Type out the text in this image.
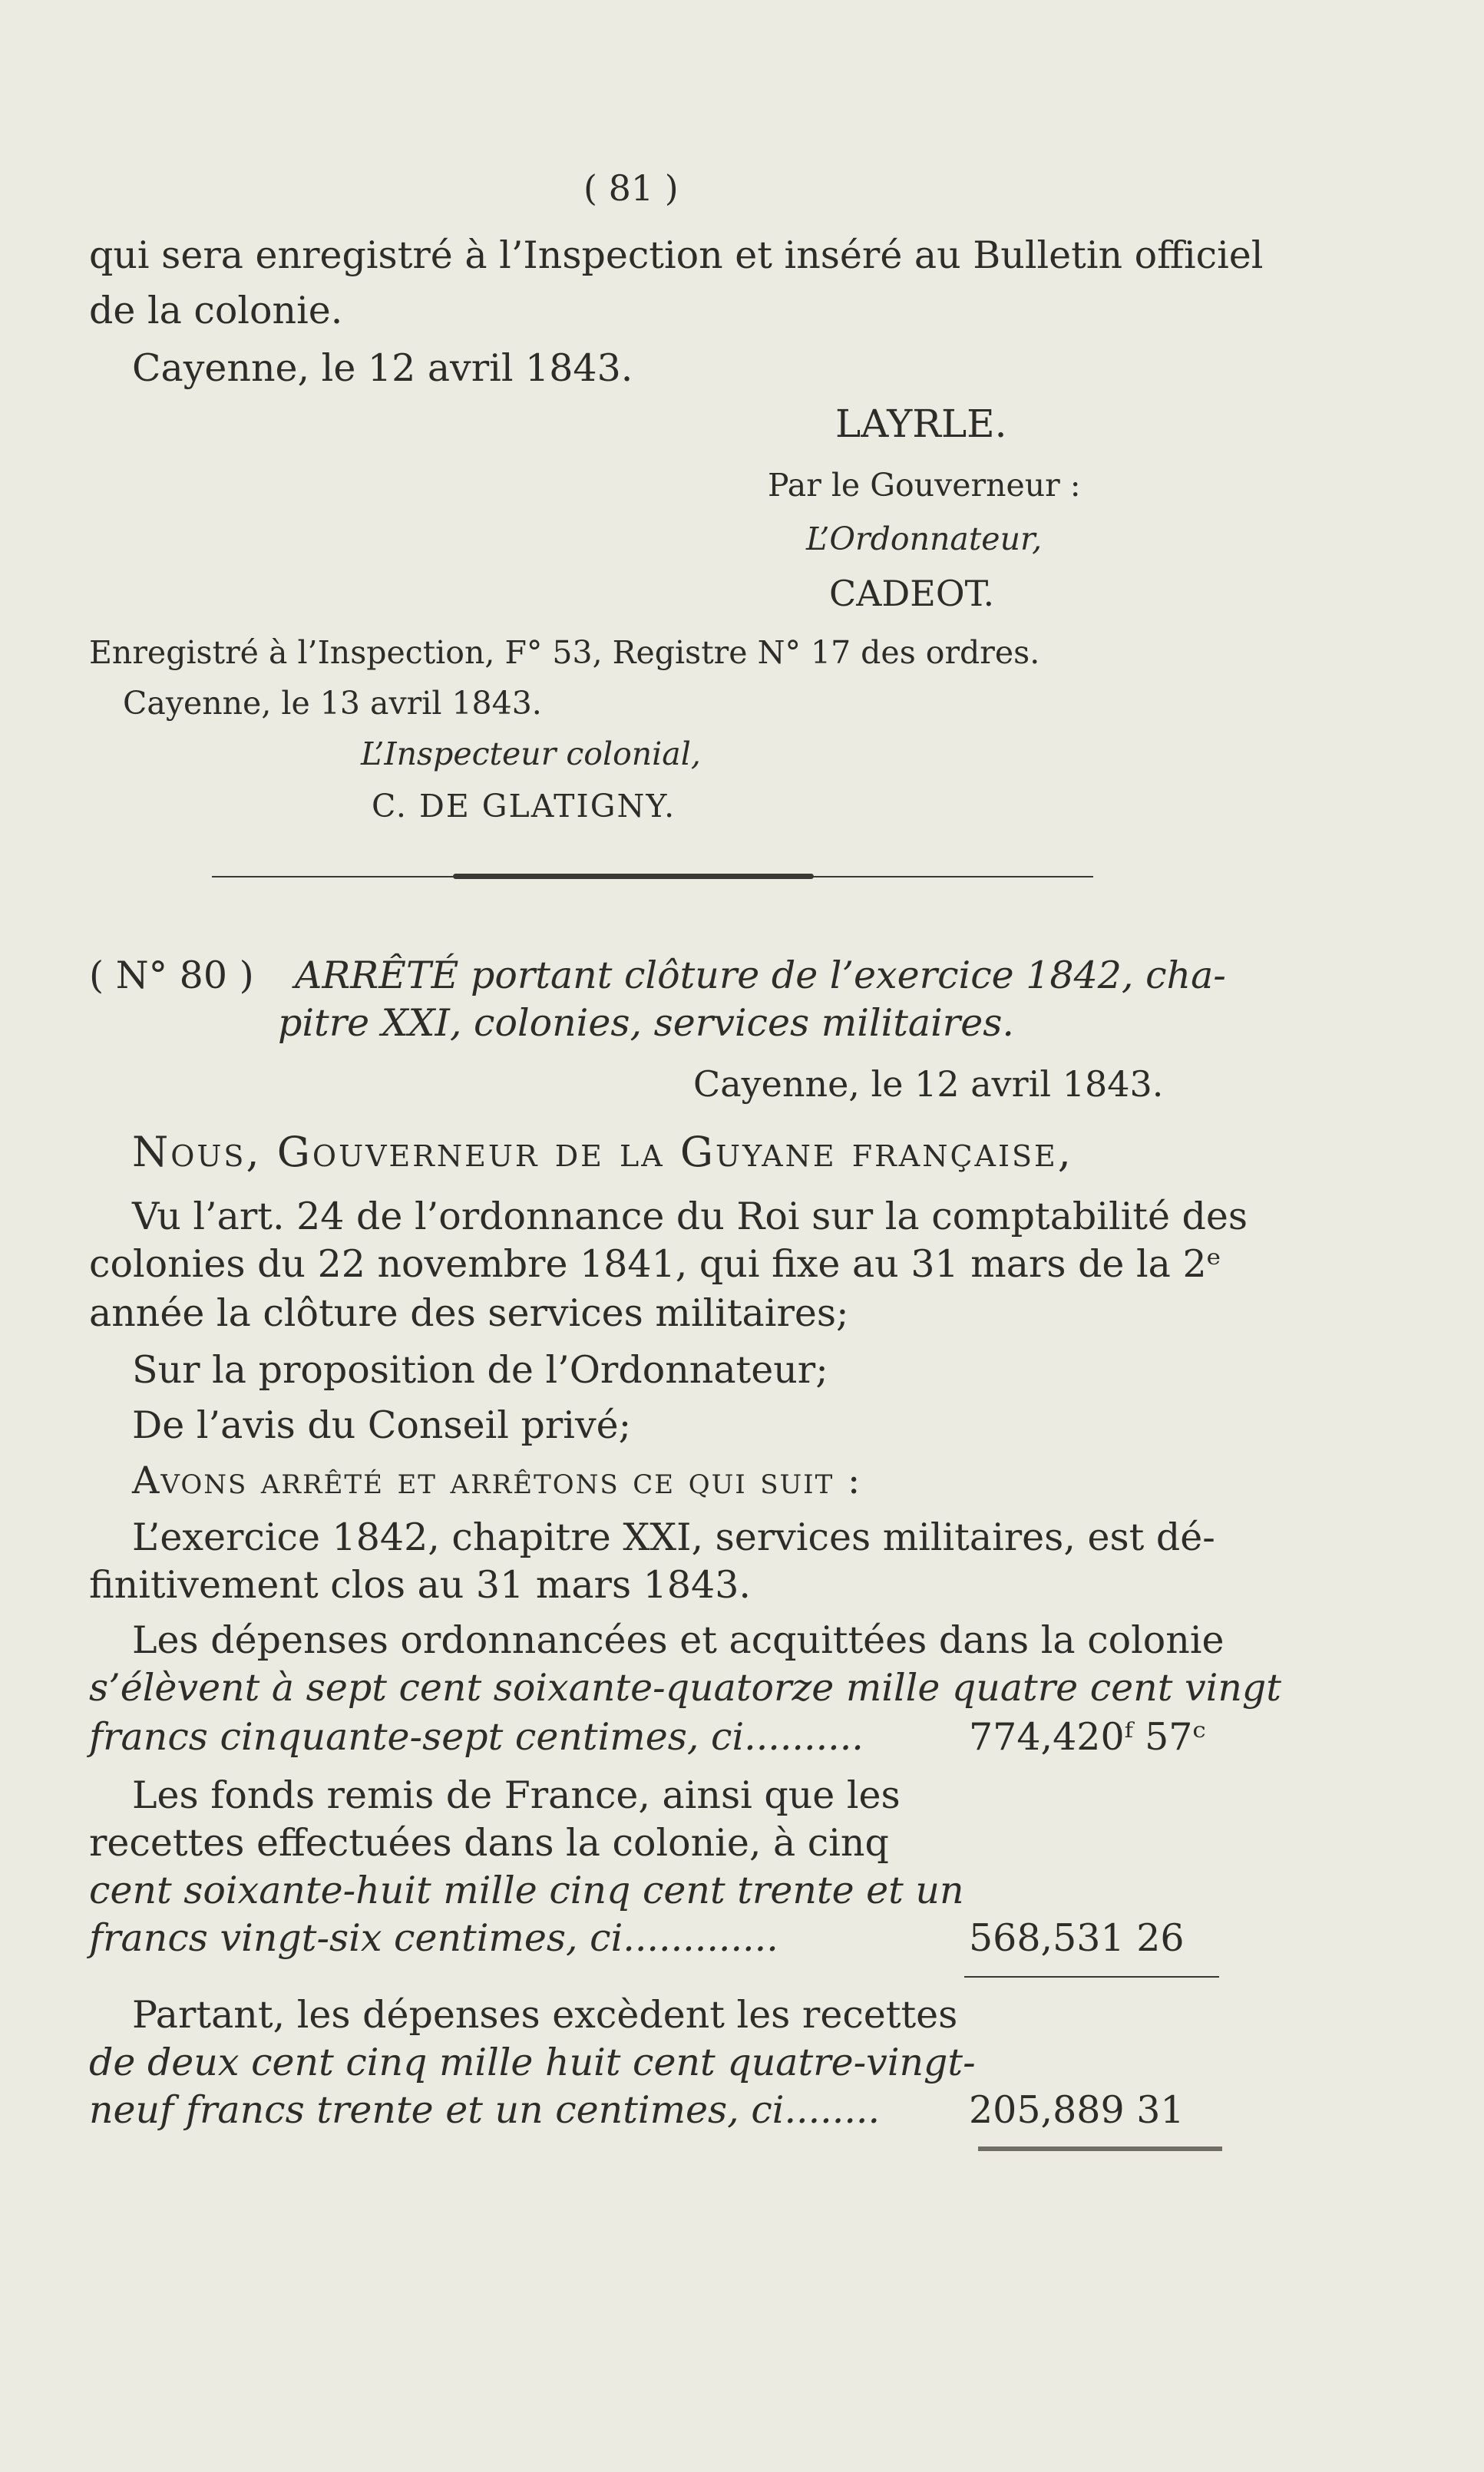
( 81 )
qui sera enregistré à l’Inspection et inséré au Bulletin officiel
de la colonie.
Cayenne, le 12 avril 1843.
LAYRLE.
Par le Gouverneur :
L’Ordonnateur,
CADEOT.
Enregistré à l’Inspection, F° 53, Registre N° 17 des ordres.
Cayenne, le 13 avril 1843.
L’Inspecteur colonial,
C. DE GLATIGNY.
( N° 80 ) ARRÊTÉ portant clôture de l’exercice 1842, cha-
pitre XXI, colonies, services militaires.
Cayenne, le 12 avril 1843.
Nous, Gouverneur de la Guyane française,
Vu l’art. 24 de l’ordonnance du Roi sur la comptabilité des
colonies du 22 novembre 1841, qui fixe au 31 mars de la 2ᵉ
année la clôture des services militaires;
Sur la proposition de l’Ordonnateur;
De l’avis du Conseil privé;
Avons arrêté et arrêtons ce qui suit :
L’exercice 1842, chapitre XXI, services militaires, est dé-
finitivement clos au 31 mars 1843.
Les dépenses ordonnancées et acquittées dans la colonie
s’élèvent à sept cent soixante-quatorze mille quatre cent vingt
francs cinquante-sept centimes, ci..........	774,420ᶠ 57ᶜ
Les fonds remis de France, ainsi que les
recettes effectuées dans la colonie, à cinq
cent soixante-huit mille cinq cent trente et un
francs vingt-six centimes, ci.............	568,531 26
Partant, les dépenses excèdent les recettes
de deux cent cinq mille huit cent quatre-vingt-
neuf francs trente et un centimes, ci........ 205,889 31
